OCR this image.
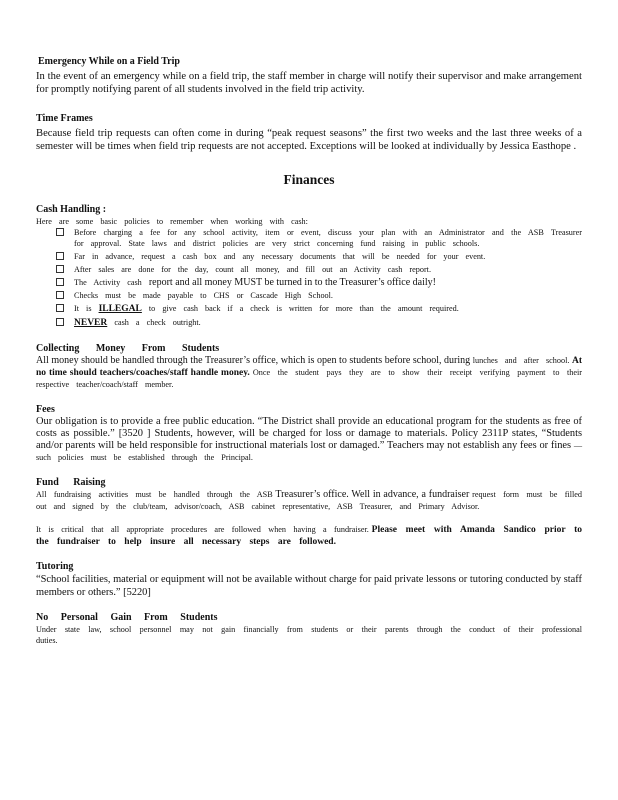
Emergency While on a Field Trip

In the event of an emergency while on a field trip, the staff member in charge will notify their supervisor and make arrangement for promptly notifying parent of all students involved in the field trip activity.

Time Frames

Because field trip requests can often come in during “peak request seasons” the first two weeks and the last three weeks of a semester will be times when field trip requests are not accepted. Exceptions will be looked at individually by Jessica Easthope .

Finances

Cash Handling :

Here are some basic policies to remember when working with cash:

Before charging a fee for any school activity, item or event, discuss your plan with an Administrator and the ASB Treasurer for approval. State laws and district policies are very strict concerning fund raising in public schools.
Far in advance, request a cash box and any necessary documents that will be needed for your event.
After sales are done for the day, count all money, and fill out an Activity cash report.
The Activity cash report and all money MUST be turned in to the Treasurer’s office daily!
Checks must be made payable to CHS or Cascade High School.
It is ILLEGAL to give cash back if a check is written for more than the amount required.
NEVER cash a check outright.

Collecting Money From Students

All money should be handled through the Treasurer’s office, which is open to students before school, during lunches and after school. At no time should teachers/coaches/staff handle money. Once the student pays they are to show their receipt verifying payment to their respective teacher/coach/staff member.

Fees

Our obligation is to provide a free public education. “The District shall provide an educational program for the students as free of costs as possible.” [3520 ] Students, however, will be charged for loss or damage to materials. Policy 2311P states, “Students and/or parents will be held responsible for instructional materials lost or damaged.” Teachers may not establish any fees or fines —such policies must be established through the Principal.

Fund Raising

All fundraising activities must be handled through the ASB Treasurer’s office. Well in advance, a fundraiser request form must be filled out and signed by the club/team, advisor/coach, ASB cabinet representative, ASB Treasurer, and Primary Advisor.

It is critical that all appropriate procedures are followed when having a fundraiser. Please meet with Amanda Sandico prior to the fundraiser to help insure all necessary steps are followed.

Tutoring

“School facilities, material or equipment will not be available without charge for paid private lessons or tutoring conducted by staff members or others.” [5220]

No Personal Gain From Students

Under state law, school personnel may not gain financially from students or their parents through the conduct of their professional duties.
